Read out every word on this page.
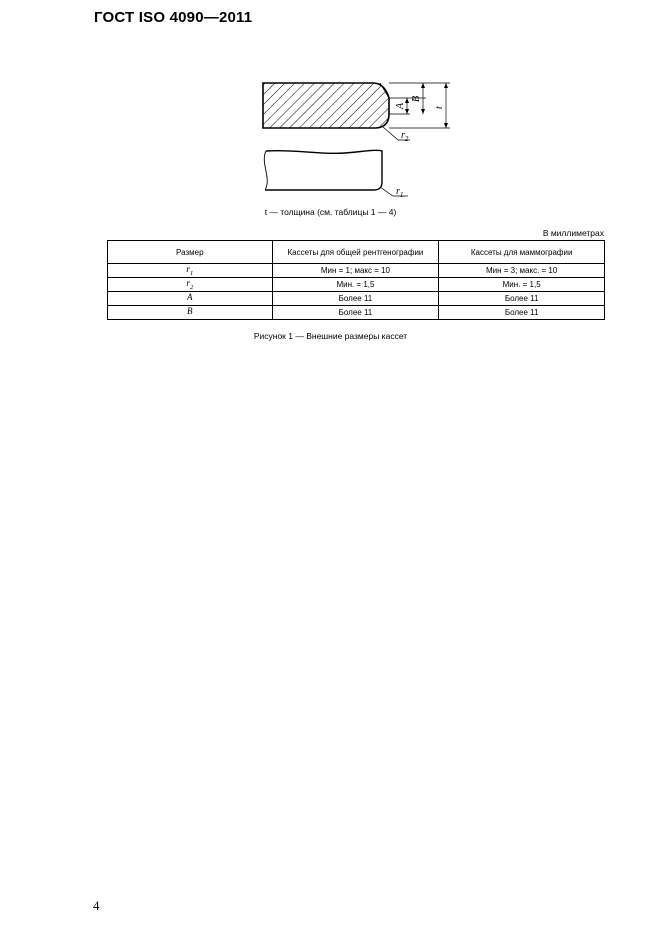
ГОСТ ISO 4090—2011
A
B
t
$r_2$
$r_1$
t — толщина (см. таблицы 1 — 4)
В миллиметрах
Размер	Кассеты для общей рентгенографии	Кассеты для маммографии
$r_1$	Мин = 1; макс = 10	Мин = 3; макс. = 10
$r_2$	Мин. = 1,5	Мин. = 1,5
A	Более 11	Более 11
B	Более 11	Более 11
Рисунок 1 — Внешние размеры кассет
4
